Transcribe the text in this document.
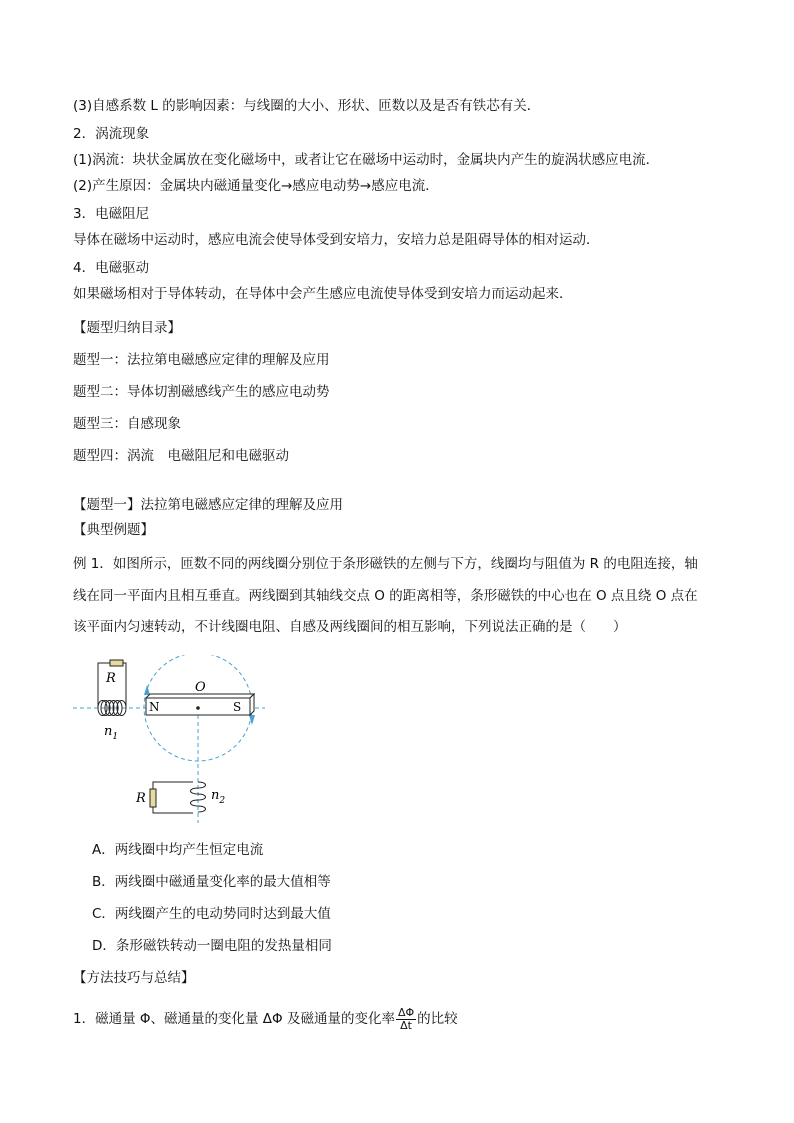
(3)自感系数 L 的影响因素：与线圈的大小、形状、匝数以及是否有铁芯有关．
2．涡流现象
(1)涡流：块状金属放在变化磁场中，或者让它在磁场中运动时，金属块内产生的旋涡状感应电流．
(2)产生原因：金属块内磁通量变化→感应电动势→感应电流．
3．电磁阻尼
导体在磁场中运动时，感应电流会使导体受到安培力，安培力总是阻碍导体的相对运动．
4．电磁驱动
如果磁场相对于导体转动，在导体中会产生感应电流使导体受到安培力而运动起来．
【题型归纳目录】
题型一：法拉第电磁感应定律的理解及应用
题型二：导体切割磁感线产生的感应电动势
题型三：自感现象
题型四：涡流　电磁阻尼和电磁驱动
【题型一】法拉第电磁感应定律的理解及应用
【典型例题】
例 1．如图所示，匝数不同的两线圈分别位于条形磁铁的左侧与下方，线圈均与阻值为 R 的电阻连接，轴
线在同一平面内且相互垂直。两线圈到其轴线交点 O 的距离相等，条形磁铁的中心也在 O 点且绕 O 点在
该平面内匀速转动，不计线圈电阻、自感及两线圈间的相互影响，下列说法正确的是（　　）
N	S
O
R
$n_1$
R	$n_2$
A．两线圈中均产生恒定电流
B．两线圈中磁通量变化率的最大值相等
C．两线圈产生的电动势同时达到最大值
D．条形磁铁转动一圈电阻的发热量相同
【方法技巧与总结】
1．磁通量 Φ、磁通量的变化量 ΔΦ 及磁通量的变化率 $\frac{\Delta\Phi}{\Delta t}$ 的比较
